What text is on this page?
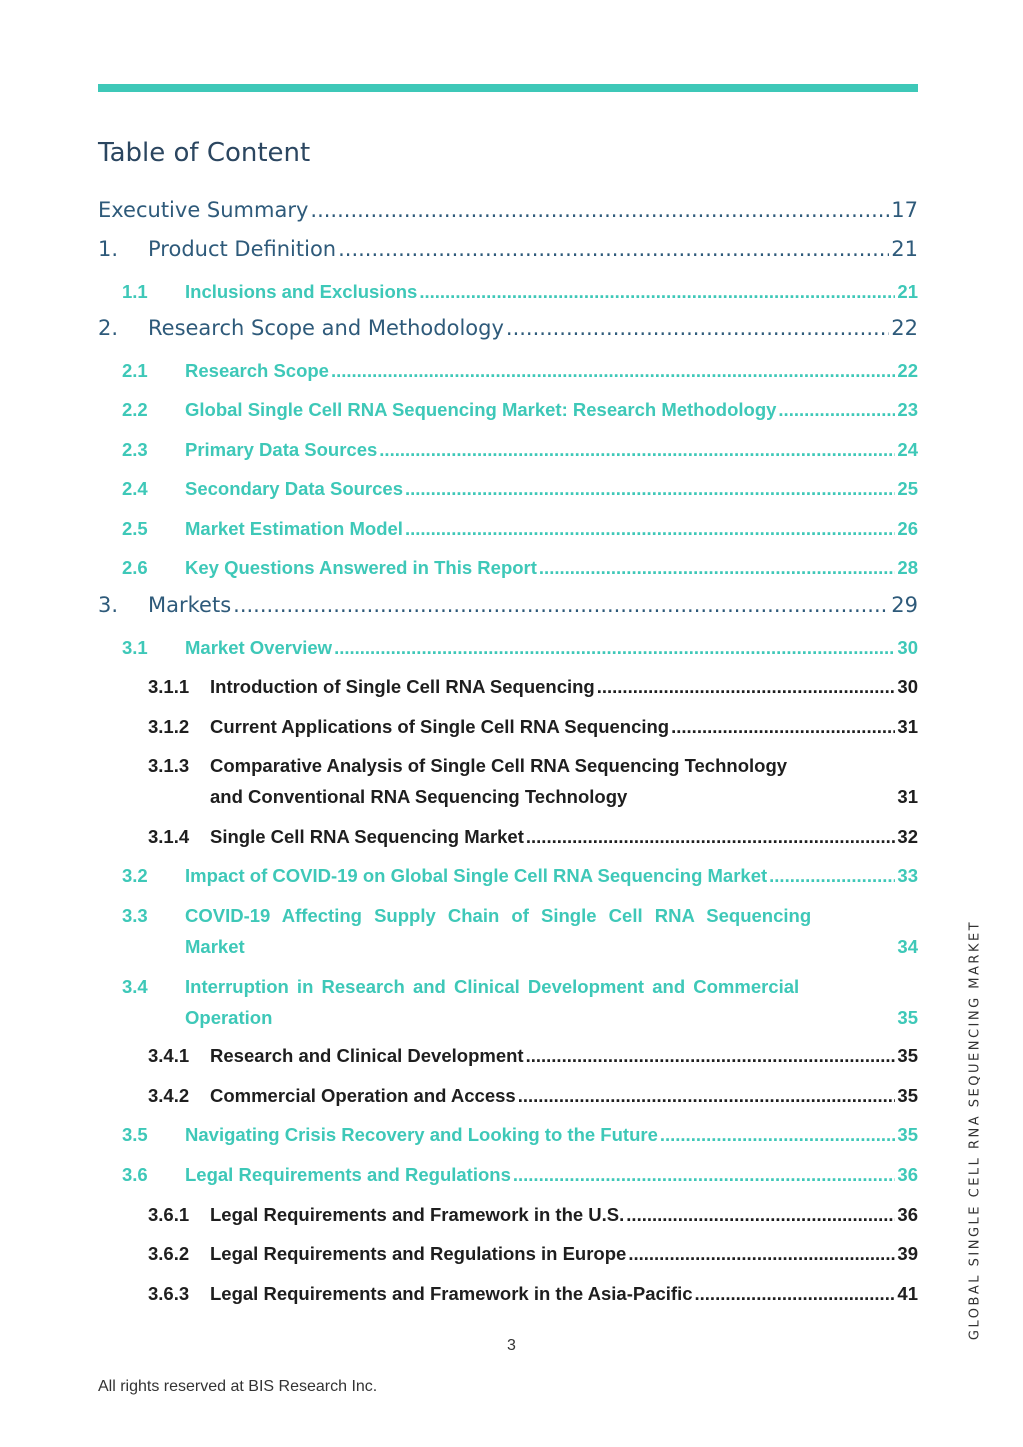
Table of Content
Executive Summary .....	17
1.	Product Definition .....	21
1.1	Inclusions and Exclusions .....	21
2.	Research Scope and Methodology .....	22
2.1	Research Scope .....	22
2.2	Global Single Cell RNA Sequencing Market: Research Methodology .....	23
2.3	Primary Data Sources .....	24
2.4	Secondary Data Sources .....	25
2.5	Market Estimation Model .....	26
2.6	Key Questions Answered in This Report .....	28
3.	Markets .....	29
3.1	Market Overview .....	30
3.1.1	Introduction of Single Cell RNA Sequencing .....	30
3.1.2	Current Applications of Single Cell RNA Sequencing .....	31
3.1.3 Comparative Analysis of Single Cell RNA Sequencing Technology
and Conventional RNA Sequencing Technology	31
3.1.4	Single Cell RNA Sequencing Market .....	32
3.2	Impact of COVID-19 on Global Single Cell RNA Sequencing Market .....	33
3.3 COVID-19 Affecting Supply Chain of Single Cell RNA Sequencing
Market	34
3.4 Interruption in Research and Clinical Development and Commercial
Operation	35
3.4.1	Research and Clinical Development .....	35
3.4.2	Commercial Operation and Access .....	35
3.5	Navigating Crisis Recovery and Looking to the Future .....	35
3.6	Legal Requirements and Regulations .....	36
3.6.1	Legal Requirements and Framework in the U.S. .....	36
3.6.2	Legal Requirements and Regulations in Europe .....	39
3.6.3	Legal Requirements and Framework in the Asia-Pacific .....	41
3
All rights reserved at BIS Research Inc.
GLOBAL SINGLE CELL RNA SEQUENCING MARKET
